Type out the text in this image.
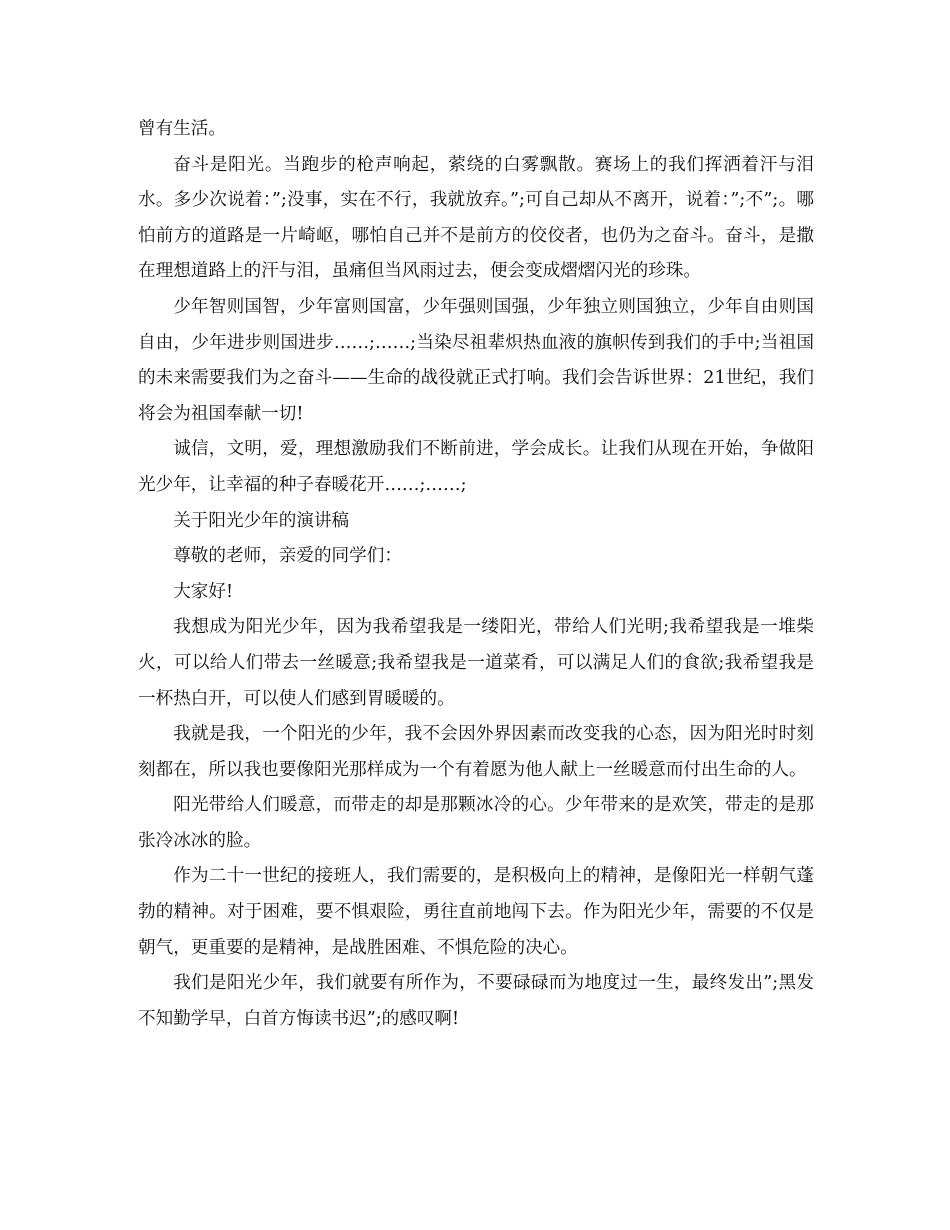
曾有生活。

奋斗是阳光。当跑步的枪声响起，萦绕的白雾飘散。赛场上的我们挥洒着汗与泪水。多少次说着：”;没事，实在不行，我就放弃。”;可自己却从不离开，说着：”;不”;。哪怕前方的道路是一片崎岖，哪怕自己并不是前方的佼佼者，也仍为之奋斗。奋斗，是撒在理想道路上的汗与泪，虽痛但当风雨过去，便会变成熠熠闪光的珍珠。

少年智则国智，少年富则国富，少年强则国强，少年独立则国独立，少年自由则国自由，少年进步则国进步……;……;当染尽祖辈炽热血液的旗帜传到我们的手中;当祖国的未来需要我们为之奋斗——生命的战役就正式打响。我们会告诉世界：21世纪，我们将会为祖国奉献一切!

诚信，文明，爱，理想激励我们不断前进，学会成长。让我们从现在开始，争做阳光少年，让幸福的种子春暖花开……;……;

关于阳光少年的演讲稿

尊敬的老师，亲爱的同学们：

大家好!

我想成为阳光少年，因为我希望我是一缕阳光，带给人们光明;我希望我是一堆柴火，可以给人们带去一丝暖意;我希望我是一道菜肴，可以满足人们的食欲;我希望我是一杯热白开，可以使人们感到胃暖暖的。

我就是我，一个阳光的少年，我不会因外界因素而改变我的心态，因为阳光时时刻刻都在，所以我也要像阳光那样成为一个有着愿为他人献上一丝暖意而付出生命的人。

阳光带给人们暖意，而带走的却是那颗冰冷的心。少年带来的是欢笑，带走的是那张冷冰冰的脸。

作为二十一世纪的接班人，我们需要的，是积极向上的精神，是像阳光一样朝气蓬勃的精神。对于困难，要不惧艰险，勇往直前地闯下去。作为阳光少年，需要的不仅是朝气，更重要的是精神，是战胜困难、不惧危险的决心。

我们是阳光少年，我们就要有所作为，不要碌碌而为地度过一生，最终发出”;黑发不知勤学早，白首方悔读书迟”;的感叹啊!
